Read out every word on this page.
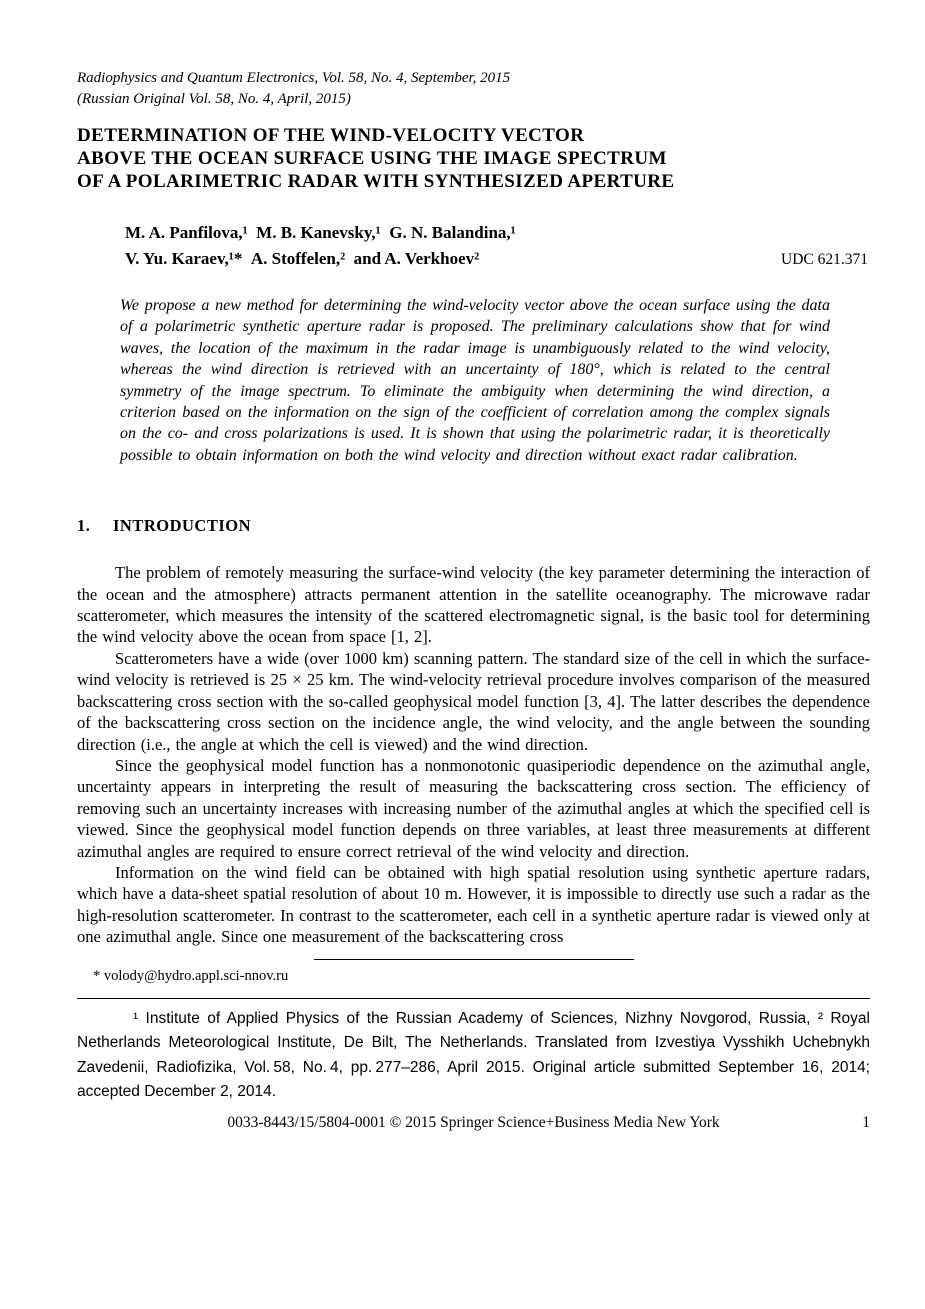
Radiophysics and Quantum Electronics, Vol. 58, No. 4, September, 2015
(Russian Original Vol. 58, No. 4, April, 2015)
DETERMINATION OF THE WIND-VELOCITY VECTOR
ABOVE THE OCEAN SURFACE USING THE IMAGE SPECTRUM
OF A POLARIMETRIC RADAR WITH SYNTHESIZED APERTURE
M. A. Panfilova,¹ M. B. Kanevsky,¹ G. N. Balandina,¹
V. Yu. Karaev,¹* A. Stoffelen,² and A. Verkhoev²	UDC 621.371
We propose a new method for determining the wind-velocity vector above the ocean surface using the data of a polarimetric synthetic aperture radar is proposed. The preliminary calculations show that for wind waves, the location of the maximum in the radar image is unambiguously related to the wind velocity, whereas the wind direction is retrieved with an uncertainty of 180°, which is related to the central symmetry of the image spectrum. To eliminate the ambiguity when determining the wind direction, a criterion based on the information on the sign of the coefficient of correlation among the complex signals on the co- and cross polarizations is used. It is shown that using the polarimetric radar, it is theoretically possible to obtain information on both the wind velocity and direction without exact radar calibration.
1. INTRODUCTION

The problem of remotely measuring the surface-wind velocity (the key parameter determining the interaction of the ocean and the atmosphere) attracts permanent attention in the satellite oceanography. The microwave radar scatterometer, which measures the intensity of the scattered electromagnetic signal, is the basic tool for determining the wind velocity above the ocean from space [1, 2].

Scatterometers have a wide (over 1000 km) scanning pattern. The standard size of the cell in which the surface-wind velocity is retrieved is 25 × 25 km. The wind-velocity retrieval procedure involves comparison of the measured backscattering cross section with the so-called geophysical model function [3, 4]. The latter describes the dependence of the backscattering cross section on the incidence angle, the wind velocity, and the angle between the sounding direction (i.e., the angle at which the cell is viewed) and the wind direction.

Since the geophysical model function has a nonmonotonic quasiperiodic dependence on the azimuthal angle, uncertainty appears in interpreting the result of measuring the backscattering cross section. The efficiency of removing such an uncertainty increases with increasing number of the azimuthal angles at which the specified cell is viewed. Since the geophysical model function depends on three variables, at least three measurements at different azimuthal angles are required to ensure correct retrieval of the wind velocity and direction.

Information on the wind field can be obtained with high spatial resolution using synthetic aperture radars, which have a data-sheet spatial resolution of about 10 m. However, it is impossible to directly use such a radar as the high-resolution scatterometer. In contrast to the scatterometer, each cell in a synthetic aperture radar is viewed only at one azimuthal angle. Since one measurement of the backscattering cross

* volody@hydro.appl.sci-nnov.ru
¹ Institute of Applied Physics of the Russian Academy of Sciences, Nizhny Novgorod, Russia, ² Royal Netherlands Meteorological Institute, De Bilt, The Netherlands. Translated from Izvestiya Vysshikh Uchebnykh Zavedenii, Radiofizika, Vol. 58, No. 4, pp. 277–286, April 2015. Original article submitted September 16, 2014; accepted December 2, 2014.
0033-8443/15/5804-0001 © 2015 Springer Science+Business Media New York	1
